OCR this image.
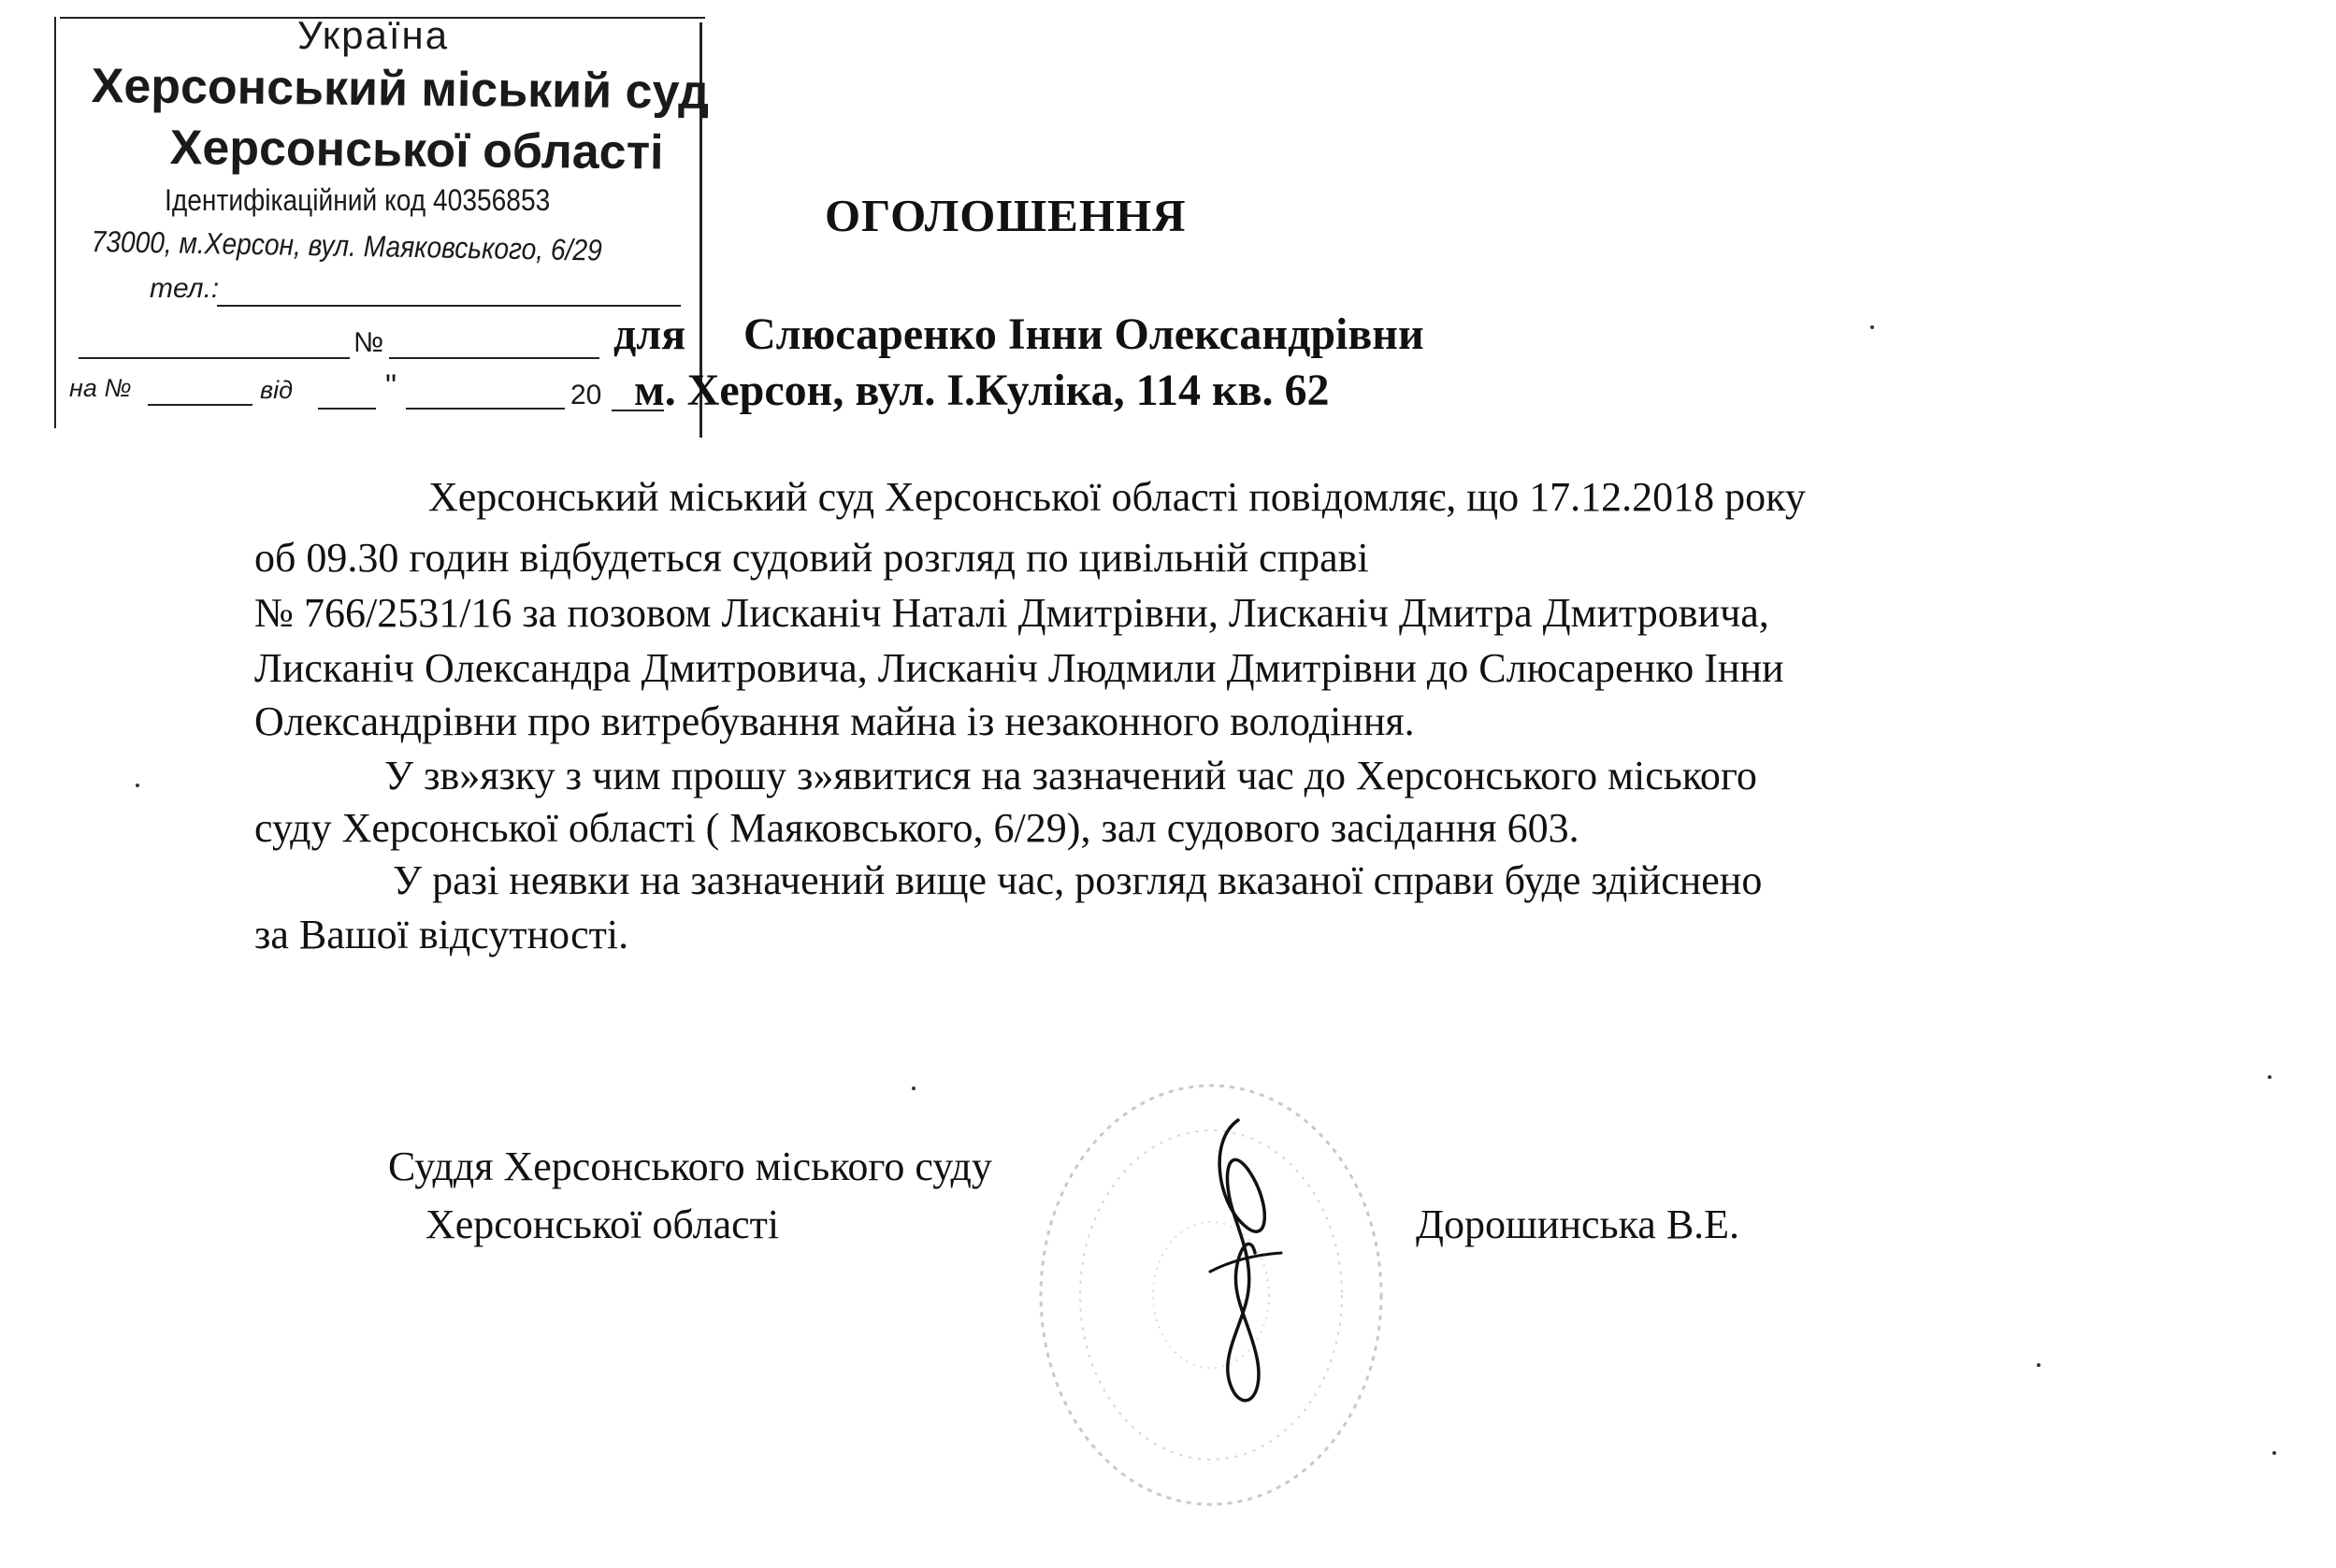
Україна
Херсонський міський суд
Херсонської області
Ідентифікаційний код 40356853
73000, м.Херсон, вул. Маяковського, 6/29
тел.:
№
на №	від	"	20
ОГОЛОШЕННЯ
для Слюсаренко Інни Олександрівни
м. Херсон, вул. І.Куліка, 114 кв. 62
Херсонський міський суд Херсонської області повідомляє, що 17.12.2018 року
об 09.30 годин відбудеться судовий розгляд по цивільній справі
№ 766/2531/16 за позовом Лисканіч Наталі Дмитрівни, Лисканіч Дмитра Дмитровича,
Лисканіч Олександра Дмитровича, Лисканіч Людмили Дмитрівни до Слюсаренко Інни
Олександрівни про витребування майна із незаконного володіння.
У зв»язку з чим прошу з»явитися на зазначений час до Херсонського міського
суду Херсонської області ( Маяковського, 6/29), зал судового засідання 603.
У разі неявки на зазначений вище час, розгляд вказаної справи буде здійснено
за Вашої відсутності.
Суддя Херсонського міського суду
Херсонської області	Дорошинська В.Е.
